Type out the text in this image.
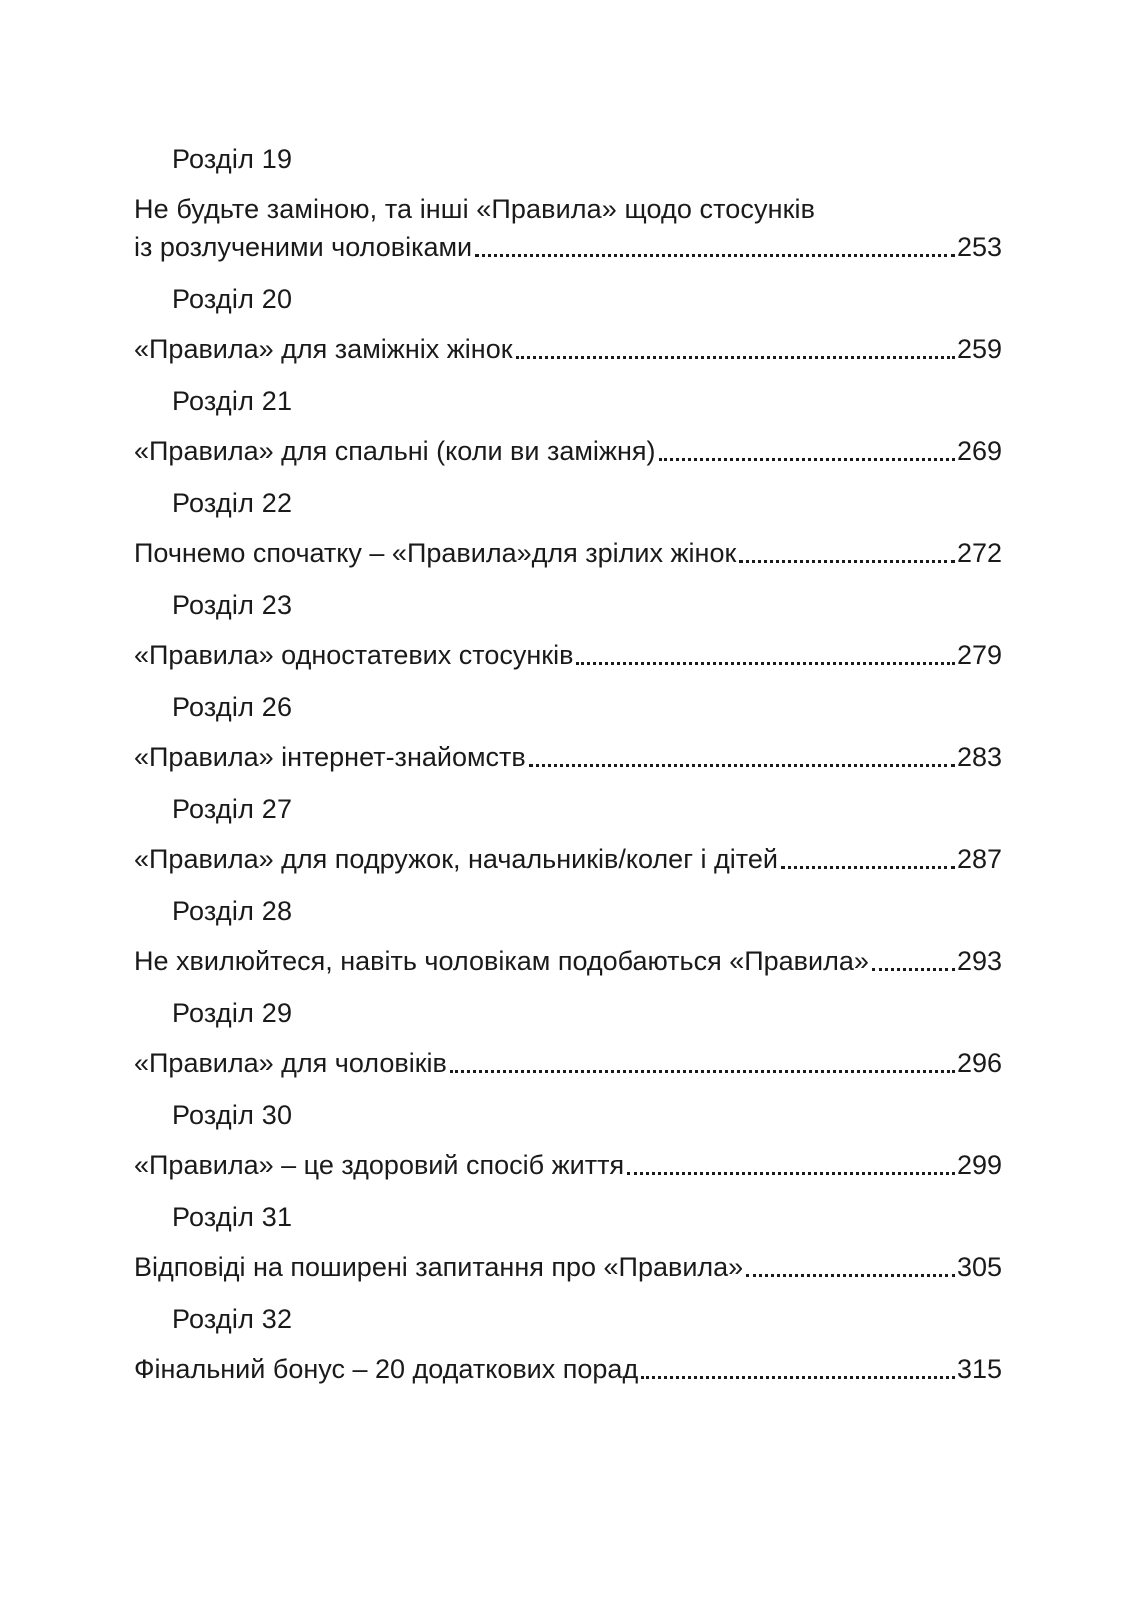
Розділ 19
Не будьте заміною, та інші «Правила» щодо стосунків
із розлученими чоловіками	253
Розділ 20
«Правила» для заміжніх жінок	259
Розділ 21
«Правила» для спальні (коли ви заміжня)	269
Розділ 22
Почнемо спочатку – «Правила»для зрілих жінок	272
Розділ 23
«Правила» одностатевих стосунків	279
Розділ 26
«Правила» інтернет-знайомств	283
Розділ 27
«Правила» для подружок, начальників/колег і дітей	287
Розділ 28
Не хвилюйтеся, навіть чоловікам подобаються «Правила»	293
Розділ 29
«Правила» для чоловіків	296
Розділ 30
«Правила» – це здоровий спосіб життя	299
Розділ 31
Відповіді на поширені запитання про «Правила»	305
Розділ 32
Фінальний бонус – 20 додаткових порад	315
